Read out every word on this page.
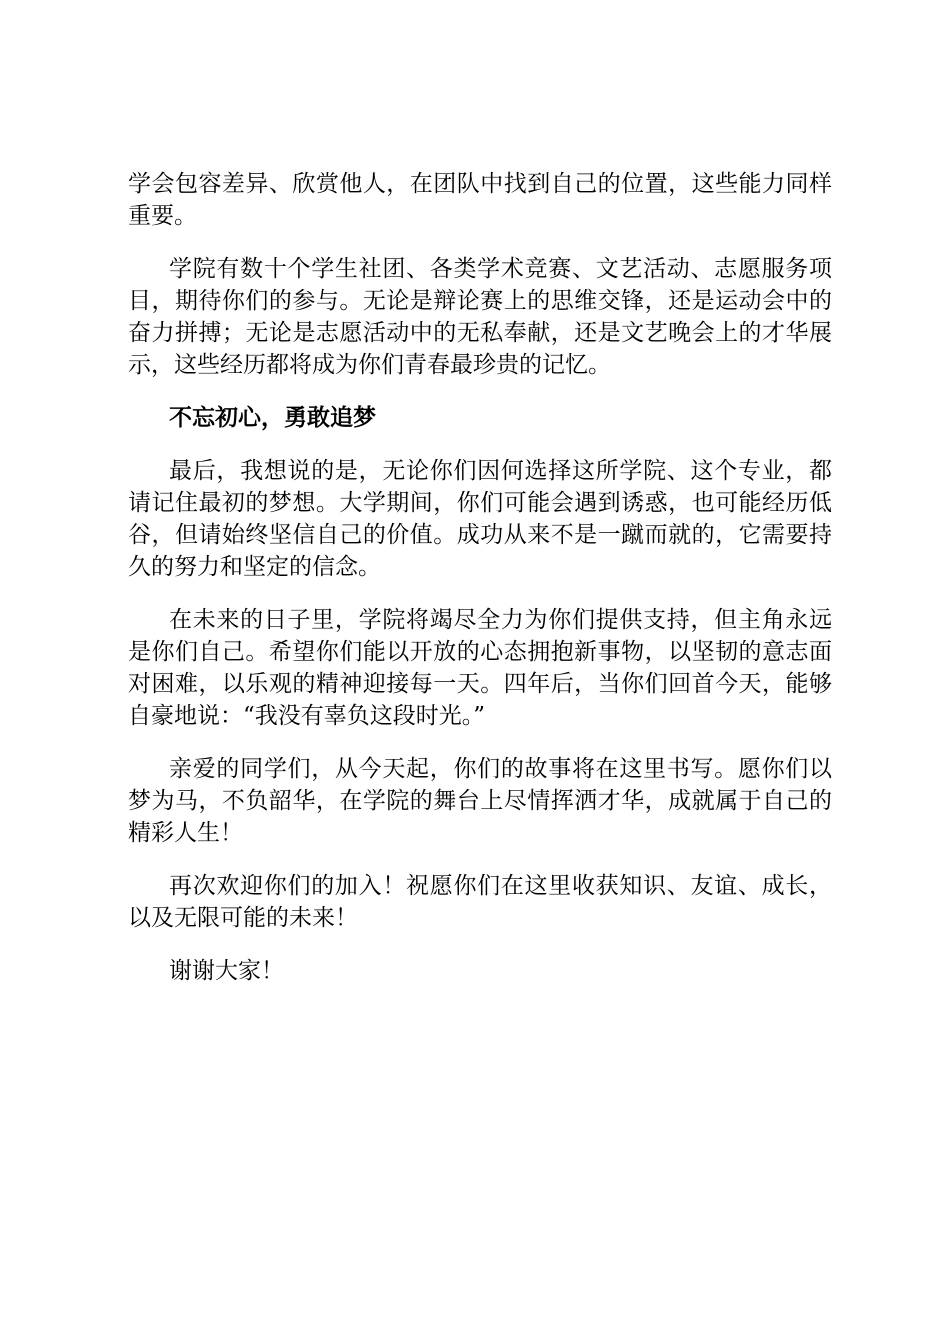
学会包容差异、欣赏他人，在团队中找到自己的位置，这些能力同样重要。

学院有数十个学生社团、各类学术竞赛、文艺活动、志愿服务项目，期待你们的参与。无论是辩论赛上的思维交锋，还是运动会中的奋力拼搏；无论是志愿活动中的无私奉献，还是文艺晚会上的才华展示，这些经历都将成为你们青春最珍贵的记忆。

不忘初心，勇敢追梦

最后，我想说的是，无论你们因何选择这所学院、这个专业，都请记住最初的梦想。大学期间，你们可能会遇到诱惑，也可能经历低谷，但请始终坚信自己的价值。成功从来不是一蹴而就的，它需要持久的努力和坚定的信念。

在未来的日子里，学院将竭尽全力为你们提供支持，但主角永远是你们自己。希望你们能以开放的心态拥抱新事物，以坚韧的意志面对困难，以乐观的精神迎接每一天。四年后，当你们回首今天，能够自豪地说：“我没有辜负这段时光。”

亲爱的同学们，从今天起，你们的故事将在这里书写。愿你们以梦为马，不负韶华，在学院的舞台上尽情挥洒才华，成就属于自己的精彩人生！

再次欢迎你们的加入！祝愿你们在这里收获知识、友谊、成长，以及无限可能的未来！

谢谢大家！
